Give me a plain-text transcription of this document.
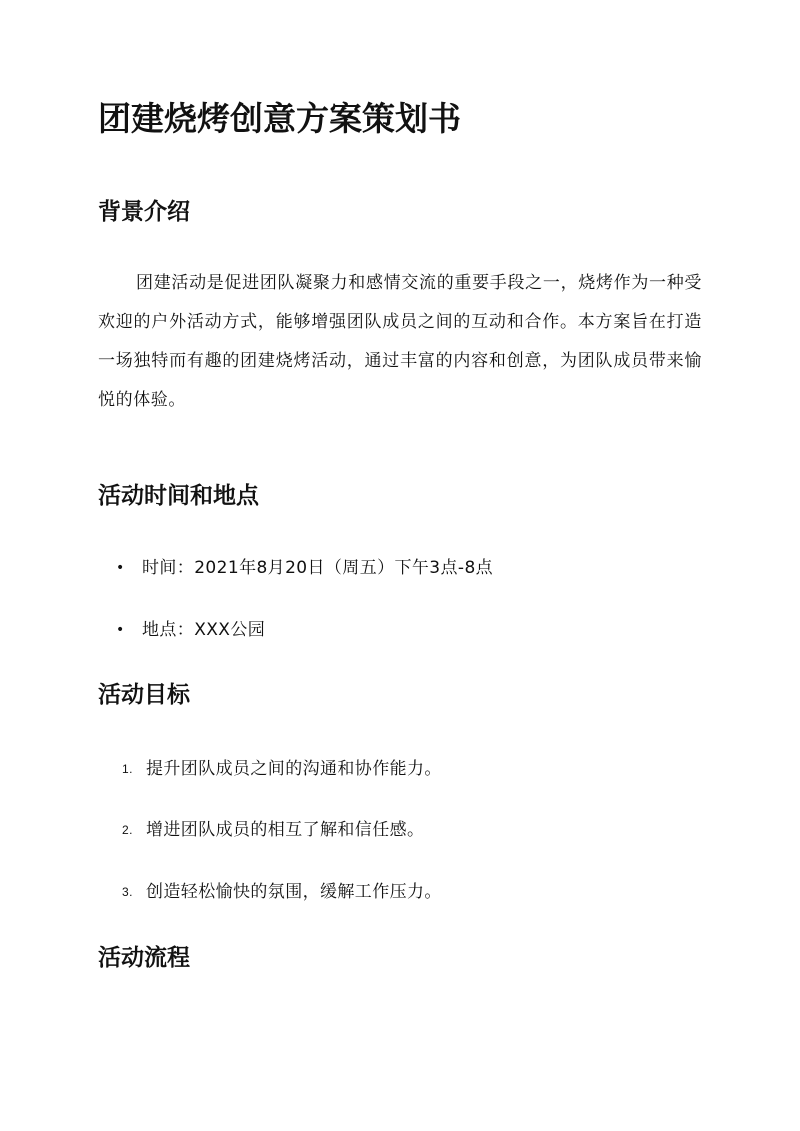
团建烧烤创意方案策划书
背景介绍

团建活动是促进团队凝聚力和感情交流的重要手段之一，烧烤作为一种受欢迎的户外活动方式，能够增强团队成员之间的互动和合作。本方案旨在打造一场独特而有趣的团建烧烤活动，通过丰富的内容和创意，为团队成员带来愉悦的体验。

活动时间和地点
•	时间：2021年8月20日（周五）下午3点-8点
•	地点：XXX公园
活动目标
1. 提升团队成员之间的沟通和协作能力。
2. 增进团队成员的相互了解和信任感。
3. 创造轻松愉快的氛围，缓解工作压力。
活动流程
